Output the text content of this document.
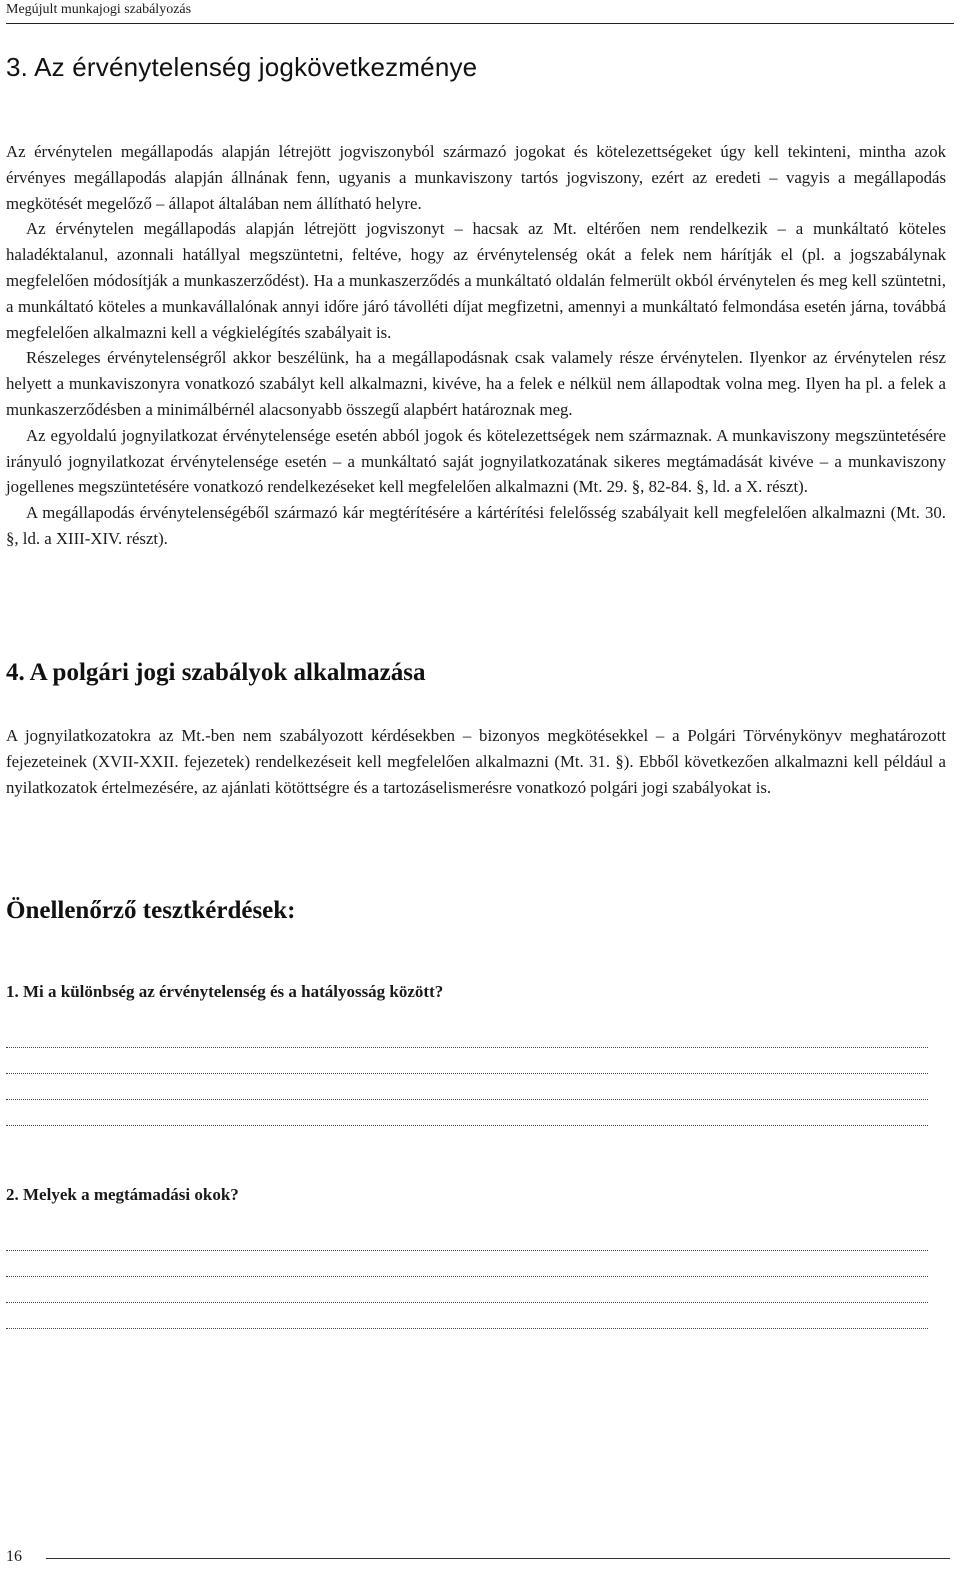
Megújult munkajogi szabályozás
3. Az érvénytelenség jogkövetkezménye

Az érvénytelen megállapodás alapján létrejött jogviszonyból származó jogokat és kötelezettségeket úgy kell tekinteni, mintha azok érvényes megállapodás alapján állnának fenn, ugyanis a munkaviszony tartós jogviszony, ezért az eredeti – vagyis a megállapodás megkötését megelőző – állapot általában nem állítható helyre.

Az érvénytelen megállapodás alapján létrejött jogviszonyt – hacsak az Mt. eltérően nem rendelkezik – a munkáltató köteles haladéktalanul, azonnali hatállyal megszüntetni, feltéve, hogy az érvénytelenség okát a felek nem hárítják el (pl. a jogszabálynak megfelelően módosítják a munkaszerződést). Ha a munkaszerződés a munkáltató oldalán felmerült okból érvénytelen és meg kell szüntetni, a munkáltató köteles a munkavállalónak annyi időre járó távolléti díjat megfizetni, amennyi a munkáltató felmondása esetén járna, továbbá megfelelően alkalmazni kell a végkielégítés szabályait is.

Részeleges érvénytelenségről akkor beszélünk, ha a megállapodásnak csak valamely része érvénytelen. Ilyenkor az érvénytelen rész helyett a munkaviszonyra vonatkozó szabályt kell alkalmazni, kivéve, ha a felek e nélkül nem állapodtak volna meg. Ilyen ha pl. a felek a munkaszerződésben a minimálbérnél alacsonyabb összegű alapbért határoznak meg.

Az egyoldalú jognyilatkozat érvénytelensége esetén abból jogok és kötelezettségek nem származnak. A munkaviszony megszüntetésére irányuló jognyilatkozat érvénytelensége esetén – a munkáltató saját jognyilatkozatának sikeres megtámadását kivéve – a munkaviszony jogellenes megszüntetésére vonatkozó rendelkezéseket kell megfelelően alkalmazni (Mt. 29. §, 82-84. §, ld. a X. részt).

A megállapodás érvénytelenségéből származó kár megtérítésére a kártérítési felelősség szabályait kell megfelelően alkalmazni (Mt. 30. §, ld. a XIII-XIV. részt).

4. A polgári jogi szabályok alkalmazása

A jognyilatkozatokra az Mt.-ben nem szabályozott kérdésekben – bizonyos megkötésekkel – a Polgári Törvénykönyv meghatározott fejezeteinek (XVII-XXII. fejezetek) rendelkezéseit kell megfelelően alkalmazni (Mt. 31. §). Ebből következően alkalmazni kell például a nyilatkozatok értelmezésére, az ajánlati kötöttségre és a tartozáselismerésre vonatkozó polgári jogi szabályokat is.

Önellenőrző tesztkérdések:

1. Mi a különbség az érvénytelenség és a hatályosság között?

2. Melyek a megtámadási okok?

16
